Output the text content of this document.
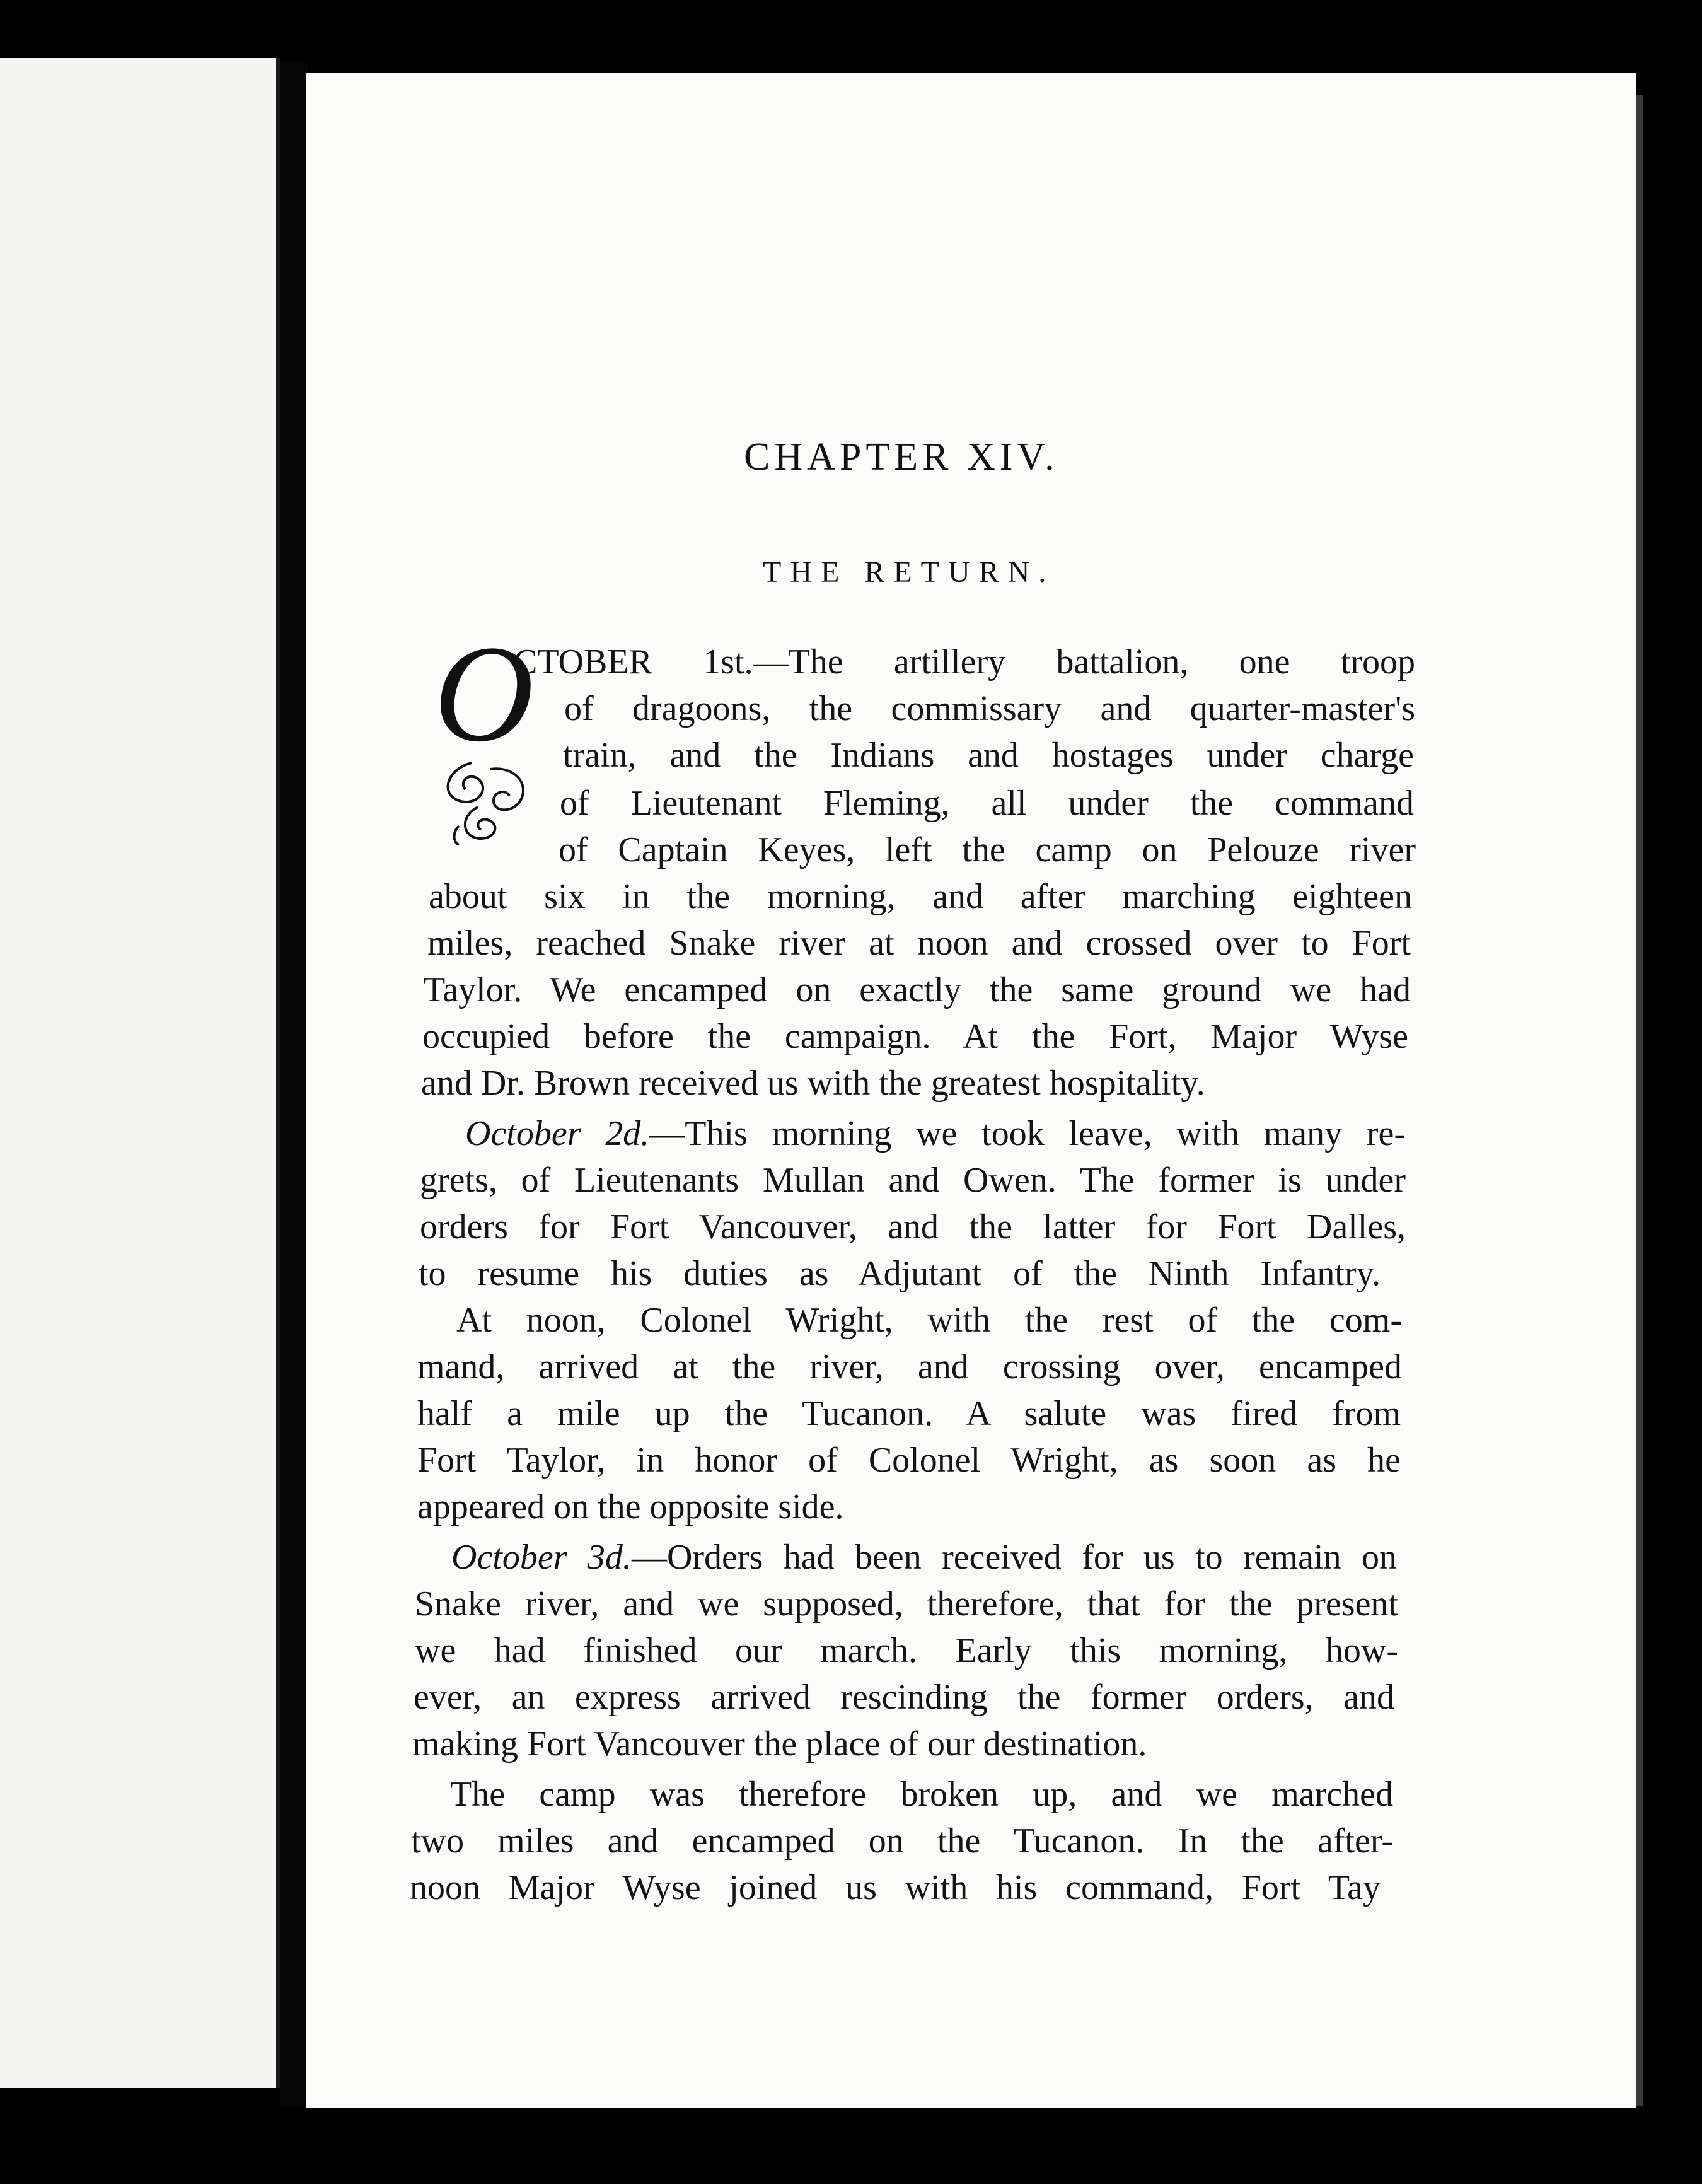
CHAPTER XIV.
THE RETURN.
O
CTOBER 1st.—The artillery battalion, one troop
of dragoons, the commissary and quarter-master's
train, and the Indians and hostages under charge
of Lieutenant Fleming, all under the command
of Captain Keyes, left the camp on Pelouze river
about six in the morning, and after marching eighteen
miles, reached Snake river at noon and crossed over to Fort
Taylor. We encamped on exactly the same ground we had
occupied before the campaign. At the Fort, Major Wyse
and Dr. Brown received us with the greatest hospitality.
October 2d.—This morning we took leave, with many re-
grets, of Lieutenants Mullan and Owen. The former is under
orders for Fort Vancouver, and the latter for Fort Dalles,
to resume his duties as Adjutant of the Ninth Infantry.
At noon, Colonel Wright, with the rest of the com-
mand, arrived at the river, and crossing over, encamped
half a mile up the Tucanon. A salute was fired from
Fort Taylor, in honor of Colonel Wright, as soon as he
appeared on the opposite side.
October 3d.—Orders had been received for us to remain on
Snake river, and we supposed, therefore, that for the present
we had finished our march. Early this morning, how-
ever, an express arrived rescinding the former orders, and
making Fort Vancouver the place of our destination.
The camp was therefore broken up, and we marched
two miles and encamped on the Tucanon. In the after-
noon Major Wyse joined us with his command, Fort Tay
